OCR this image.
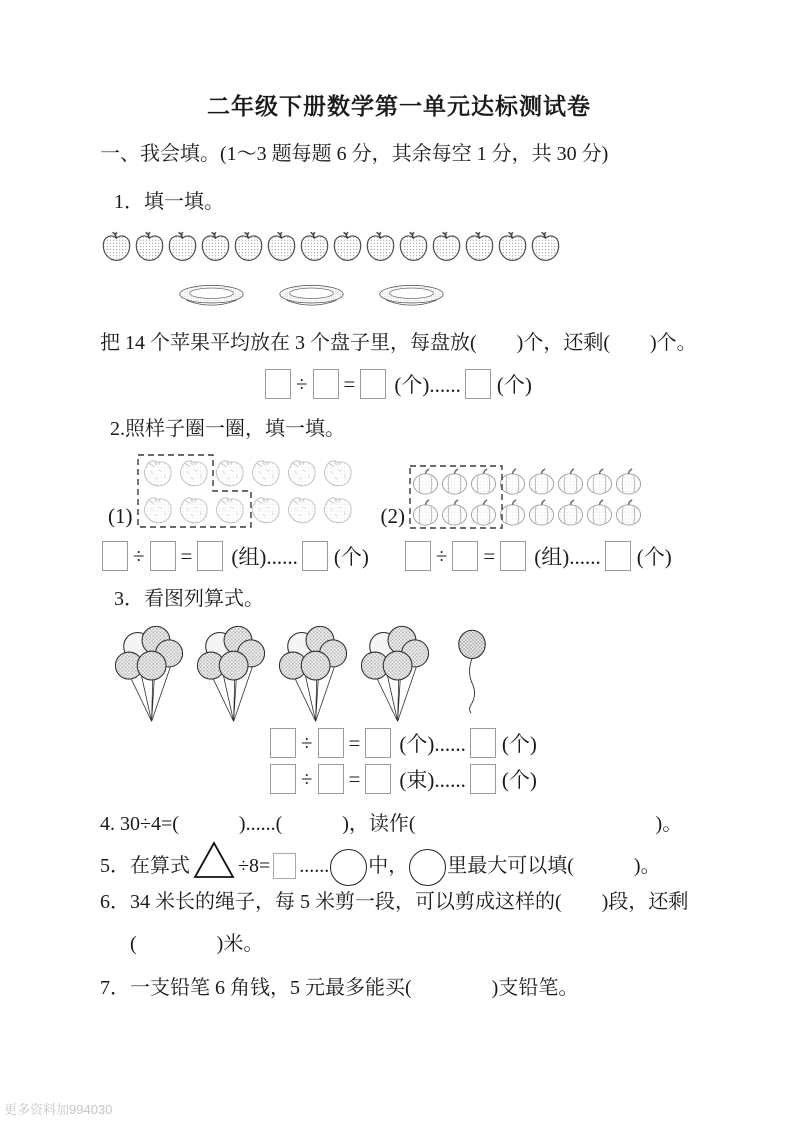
二年级下册数学第一单元达标测试卷
一、我会填。(1～3 题每题 6 分，其余每空 1 分，共 30 分)
1．填一填。
把 14 个苹果平均放在 3 个盘子里，每盘放(　　)个，还剩(　　)个。
÷ = (个)...... (个)
2.照样子圈一圈，填一填。
(1)	(2)
÷ = (组)...... (个)	÷ = (组)...... (个)
3．看图列算式。
÷ = (个)...... (个)
÷ = (束)...... (个)
4. 30÷4=(　　　)......(　　　)，读作(　　　　　　　　　　　　)。
5．在算式 ÷8= ...... 中， 里最大可以填(　　　)。
6．34 米长的绳子，每 5 米剪一段，可以剪成这样的(　　)段，还剩
(　　　　)米。
7．一支铅笔 6 角钱，5 元最多能买(　　　　)支铅笔。
更多资料加994030
